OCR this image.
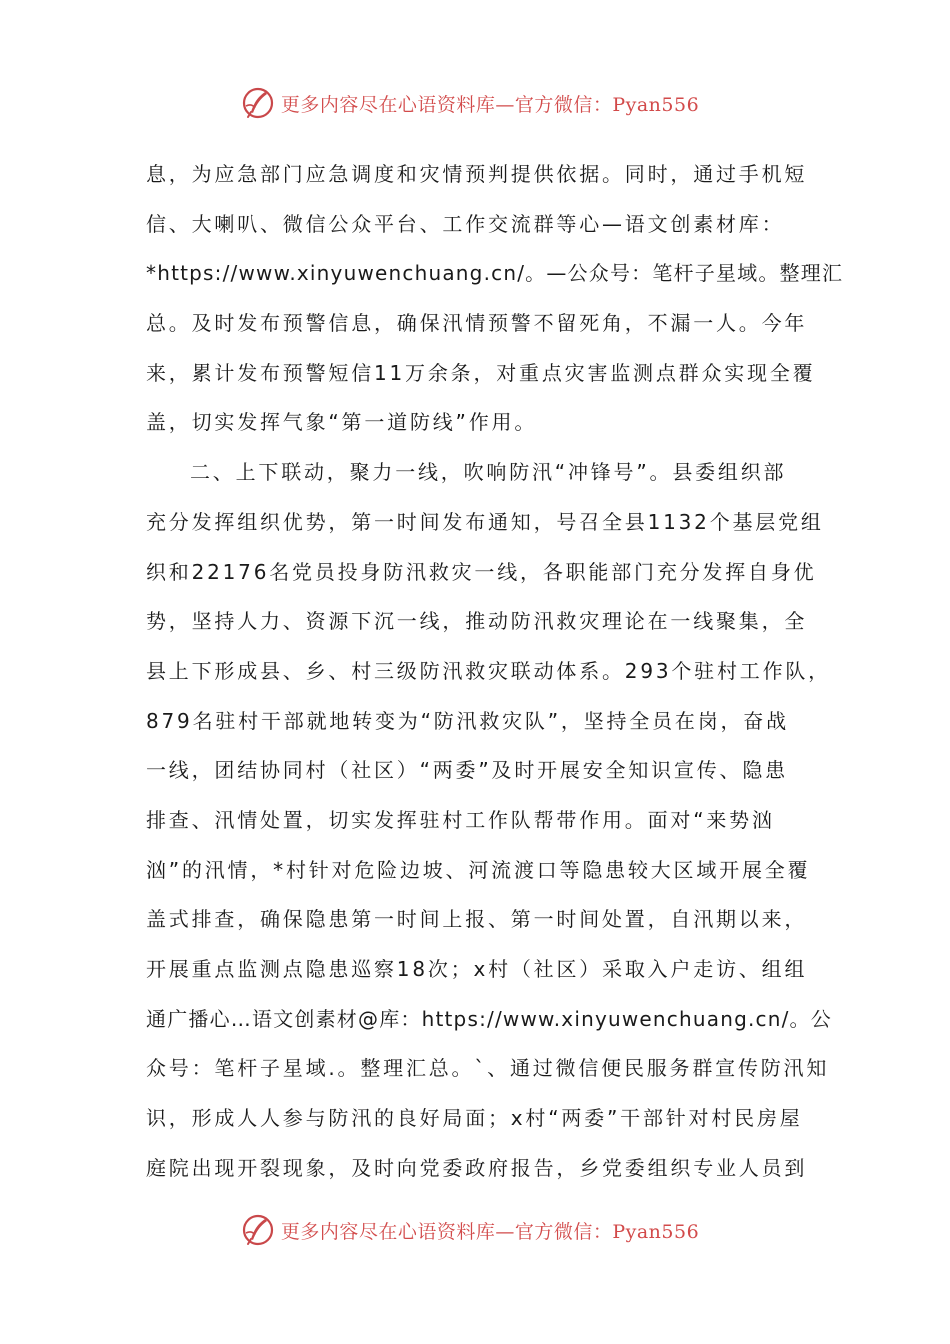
更多内容尽在心语资料库—官方微信：Pyan556
息，为应急部门应急调度和灾情预判提供依据。同时，通过手机短
信、大喇叭、微信公众平台、工作交流群等心—语文创素材库：
*https://www.xinyuwenchuang.cn/。—公众号：笔杆子星域。整理汇
总。及时发布预警信息，确保汛情预警不留死角，不漏一人。今年
来，累计发布预警短信11万余条，对重点灾害监测点群众实现全覆
盖，切实发挥气象“第一道防线”作用。
二、上下联动，聚力一线，吹响防汛“冲锋号”。县委组织部
充分发挥组织优势，第一时间发布通知，号召全县1132个基层党组
织和22176名党员投身防汛救灾一线，各职能部门充分发挥自身优
势，坚持人力、资源下沉一线，推动防汛救灾理论在一线聚集，全
县上下形成县、乡、村三级防汛救灾联动体系。293个驻村工作队，
879名驻村干部就地转变为“防汛救灾队”，坚持全员在岗，奋战
一线，团结协同村（社区）“两委”及时开展安全知识宣传、隐患
排查、汛情处置，切实发挥驻村工作队帮带作用。面对“来势汹
汹”的汛情，*村针对危险边坡、河流渡口等隐患较大区域开展全覆
盖式排查，确保隐患第一时间上报、第一时间处置，自汛期以来，
开展重点监测点隐患巡察18次；x村（社区）采取入户走访、组组
通广播心…语文创素材@库：https://www.xinyuwenchuang.cn/。公
众号：笔杆子星域.。整理汇总。`、通过微信便民服务群宣传防汛知
识，形成人人参与防汛的良好局面；x村“两委”干部针对村民房屋
庭院出现开裂现象，及时向党委政府报告，乡党委组织专业人员到
更多内容尽在心语资料库—官方微信：Pyan556
